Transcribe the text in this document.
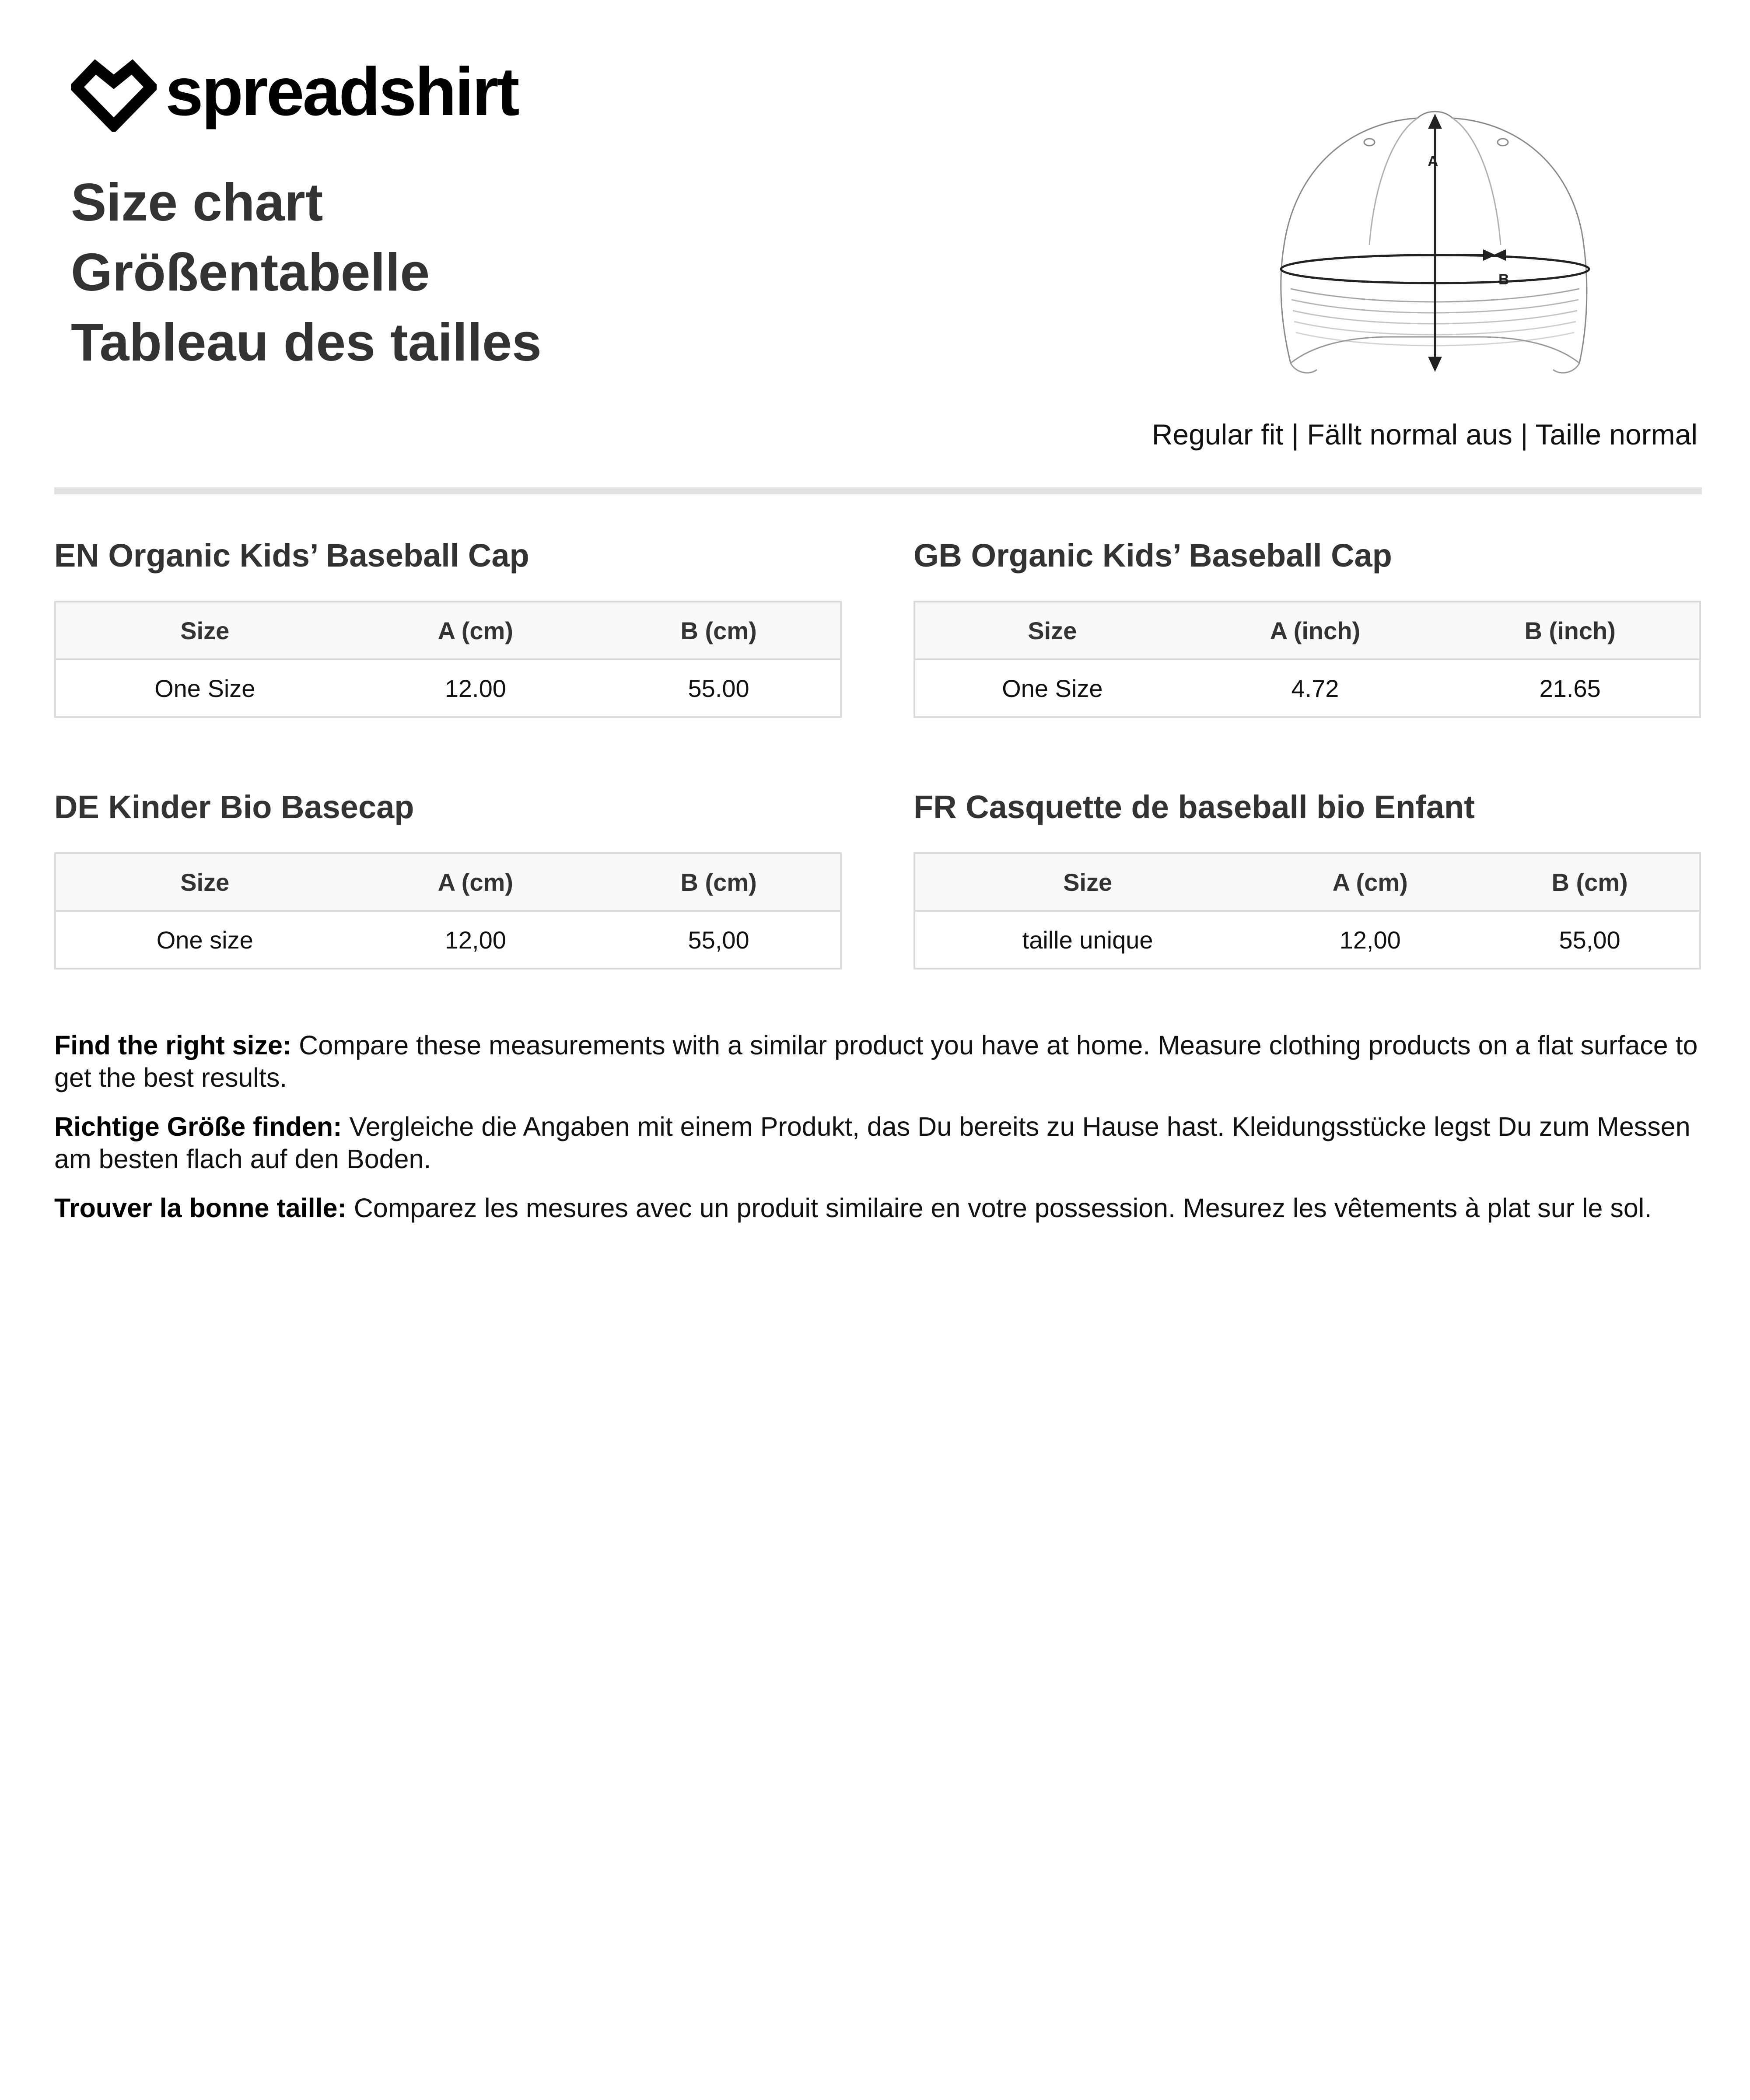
spreadshirt
Size chart
Größentabelle
Tableau des tailles
A
B
Regular fit | Fällt normal aus | Taille normal
EN Organic Kids’ Baseball Cap
Size	A (cm)	B (cm)
One Size	12.00	55.00
GB Organic Kids’ Baseball Cap
Size	A (inch)	B (inch)
One Size	4.72	21.65
DE Kinder Bio Basecap
Size	A (cm)	B (cm)
One size	12,00	55,00
FR Casquette de baseball bio Enfant
Size	A (cm)	B (cm)
taille unique	12,00	55,00

Find the right size: Compare these measurements with a similar product you have at home. Measure clothing products on a flat surface to get the best results.

Richtige Größe finden: Vergleiche die Angaben mit einem Produkt, das Du bereits zu Hause hast. Kleidungsstücke legst Du zum Messen am besten flach auf den Boden.

Trouver la bonne taille: Comparez les mesures avec un produit similaire en votre possession. Mesurez les vêtements à plat sur le sol.
